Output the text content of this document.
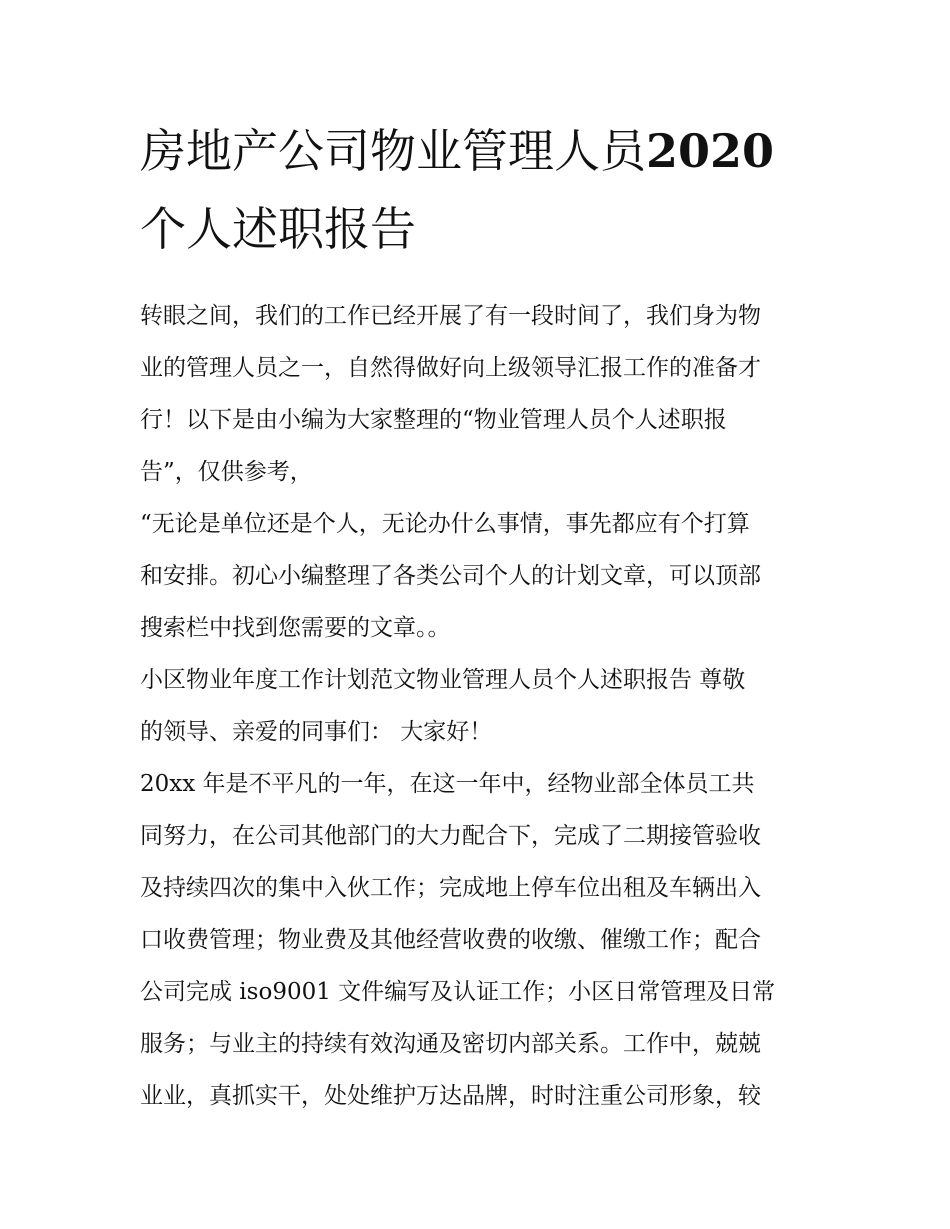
房地产公司物业管理人员2020
个人述职报告
转眼之间，我们的工作已经开展了有一段时间了，我们身为物
业的管理人员之一，自然得做好向上级领导汇报工作的准备才
行！以下是由小编为大家整理的“物业管理人员个人述职报
告”，仅供参考，
“无论是单位还是个人，无论办什么事情，事先都应有个打算
和安排。初心小编整理了各类公司个人的计划文章，可以顶部
搜索栏中找到您需要的文章。。
小区物业年度工作计划范文物业管理人员个人述职报告 尊敬
的领导、亲爱的同事们： 大家好！
20xx 年是不平凡的一年，在这一年中，经物业部全体员工共
同努力，在公司其他部门的大力配合下，完成了二期接管验收
及持续四次的集中入伙工作；完成地上停车位出租及车辆出入
口收费管理；物业费及其他经营收费的收缴、催缴工作；配合
公司完成 iso9001 文件编写及认证工作；小区日常管理及日常
服务；与业主的持续有效沟通及密切内部关系。工作中，兢兢
业业，真抓实干，处处维护万达品牌，时时注重公司形象，较
